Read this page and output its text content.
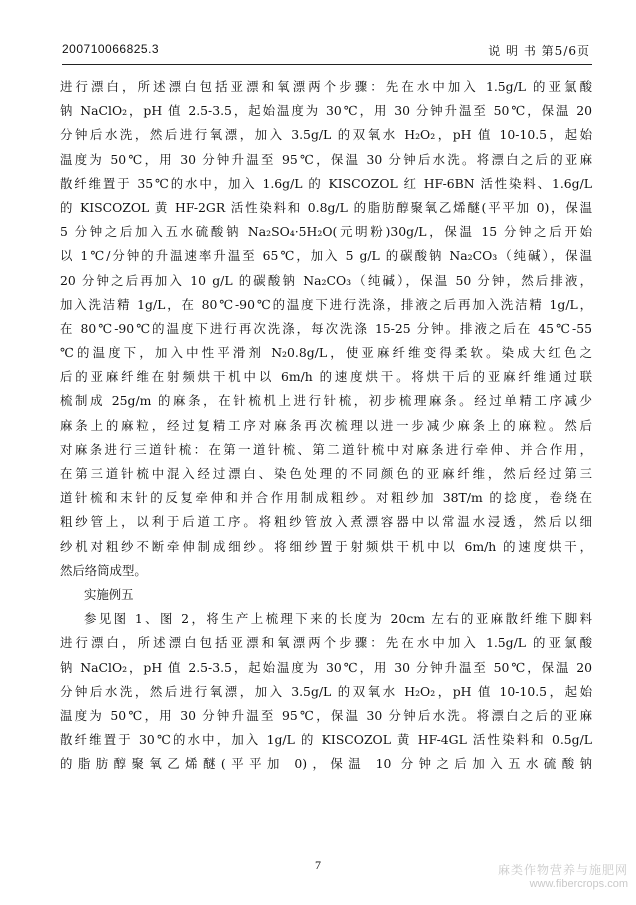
200710066825.3	说 明 书 第5/6页
进行漂白，所述漂白包括亚漂和氧漂两个步骤：先在水中加入 1.5g/L 的亚氯酸
钠 NaClO₂，pH 值 2.5-3.5，起始温度为 30℃，用 30 分钟升温至 50℃，保温 20
分钟后水洗，然后进行氧漂，加入 3.5g/L 的双氧水 H₂O₂，pH 值 10-10.5，起始
温度为 50℃，用 30 分钟升温至 95℃，保温 30 分钟后水洗。将漂白之后的亚麻
散纤维置于 35℃的水中，加入 1.6g/L 的 KISCOZOL 红 HF-6BN 活性染料、1.6g/L
的 KISCOZOL 黄 HF-2GR 活性染料和 0.8g/L 的脂肪醇聚氧乙烯醚(平平加 0)，保温
5 分钟之后加入五水硫酸钠 Na₂SO₄·5H₂O(元明粉)30g/L，保温 15 分钟之后开始
以 1℃/分钟的升温速率升温至 65℃，加入 5 g/L 的碳酸钠 Na₂CO₃（纯碱），保温
20 分钟之后再加入 10 g/L 的碳酸钠 Na₂CO₃（纯碱），保温 50 分钟，然后排液，
加入洗洁精 1g/L，在 80℃-90℃的温度下进行洗涤，排液之后再加入洗洁精 1g/L，
在 80℃-90℃的温度下进行再次洗涤，每次洗涤 15-25 分钟。排液之后在 45℃-55
℃的温度下，加入中性平滑剂 N₂0.8g/L，使亚麻纤维变得柔软。染成大红色之
后的亚麻纤维在射频烘干机中以 6m/h 的速度烘干。将烘干后的亚麻纤维通过联
梳制成 25g/m 的麻条，在针梳机上进行针梳，初步梳理麻条。经过单精工序减少
麻条上的麻粒，经过复精工序对麻条再次梳理以进一步减少麻条上的麻粒。然后
对麻条进行三道针梳：在第一道针梳、第二道针梳中对麻条进行牵伸、并合作用，
在第三道针梳中混入经过漂白、染色处理的不同颜色的亚麻纤维，然后经过第三
道针梳和末针的反复牵伸和并合作用制成粗纱。对粗纱加 38T/m 的捻度，卷绕在
粗纱管上，以利于后道工序。将粗纱管放入煮漂容器中以常温水浸透，然后以细
纱机对粗纱不断牵伸制成细纱。将细纱置于射频烘干机中以 6m/h 的速度烘干，
然后络筒成型。
实施例五
参见图 1、图 2，将生产上梳理下来的长度为 20cm 左右的亚麻散纤维下脚料
进行漂白，所述漂白包括亚漂和氧漂两个步骤：先在水中加入 1.5g/L 的亚氯酸
钠 NaClO₂，pH 值 2.5-3.5，起始温度为 30℃，用 30 分钟升温至 50℃，保温 20
分钟后水洗，然后进行氧漂，加入 3.5g/L 的双氧水 H₂O₂，pH 值 10-10.5，起始
温度为 50℃，用 30 分钟升温至 95℃，保温 30 分钟后水洗。将漂白之后的亚麻
散纤维置于 30℃的水中，加入 1g/L 的 KISCOZOL 黄 HF-4GL 活性染料和 0.5g/L
的脂肪醇聚氧乙烯醚(平平加 0)，保温 10 分钟之后加入五水硫酸钠
7	麻类作物营养与施肥网
www.fibercrops.com
